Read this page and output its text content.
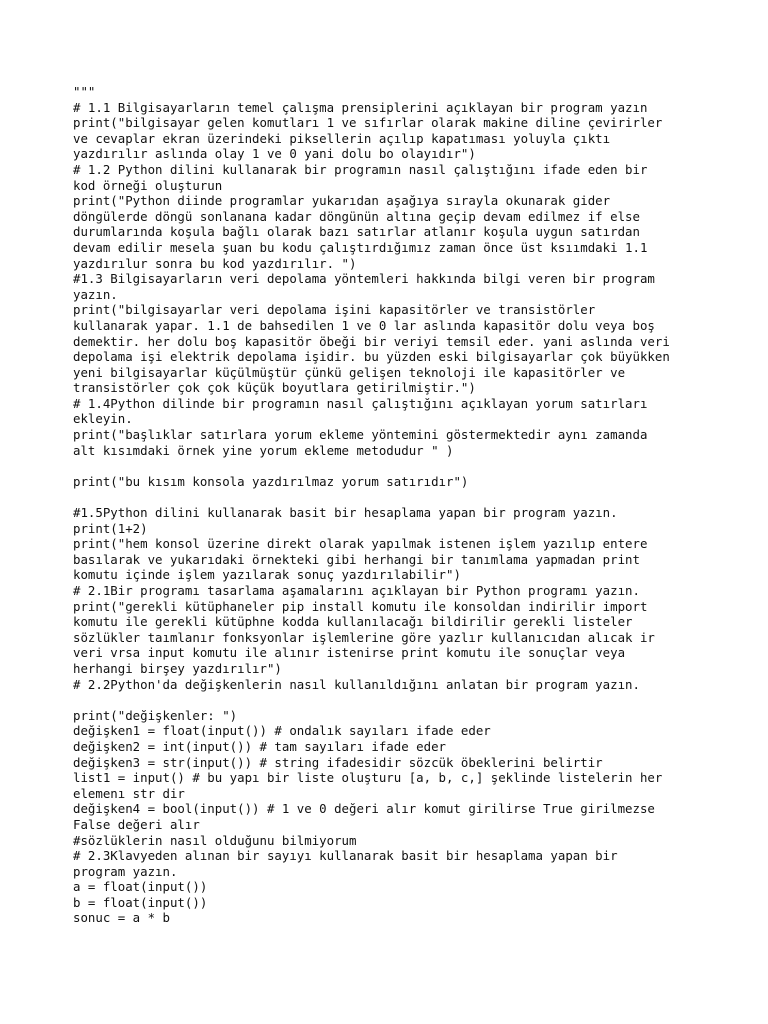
"""
# 1.1 Bilgisayarların temel çalışma prensiplerini açıklayan bir program yazın
print("bilgisayar gelen komutları 1 ve sıfırlar olarak makine diline çevirirler
ve cevaplar ekran üzerindeki piksellerin açılıp kapatıması yoluyla çıktı
yazdırılır aslında olay 1 ve 0 yani dolu bo olayıdır")
# 1.2 Python dilini kullanarak bir programın nasıl çalıştığını ifade eden bir
kod örneği oluşturun
print("Python diinde programlar yukarıdan aşağıya sırayla okunarak gider
döngülerde döngü sonlanana kadar döngünün altına geçip devam edilmez if else
durumlarında koşula bağlı olarak bazı satırlar atlanır koşula uygun satırdan
devam edilir mesela şuan bu kodu çalıştırdığımız zaman önce üst ksıımdaki 1.1
yazdırılur sonra bu kod yazdırılır. ")
#1.3 Bilgisayarların veri depolama yöntemleri hakkında bilgi veren bir program
yazın.
print("bilgisayarlar veri depolama işini kapasitörler ve transistörler
kullanarak yapar. 1.1 de bahsedilen 1 ve 0 lar aslında kapasitör dolu veya boş
demektir. her dolu boş kapasitör öbeği bir veriyi temsil eder. yani aslında veri
depolama işi elektrik depolama işidir. bu yüzden eski bilgisayarlar çok büyükken
yeni bilgisayarlar küçülmüştür çünkü gelişen teknoloji ile kapasitörler ve
transistörler çok çok küçük boyutlara getirilmiştir.")
# 1.4Python dilinde bir programın nasıl çalıştığını açıklayan yorum satırları
ekleyin.
print("başlıklar satırlara yorum ekleme yöntemini göstermektedir aynı zamanda
alt kısımdaki örnek yine yorum ekleme metodudur " )
print("bu kısım konsola yazdırılmaz yorum satırıdır")
#1.5Python dilini kullanarak basit bir hesaplama yapan bir program yazın.
print(1+2)
print("hem konsol üzerine direkt olarak yapılmak istenen işlem yazılıp entere
basılarak ve yukarıdaki örnekteki gibi herhangi bir tanımlama yapmadan print
komutu içinde işlem yazılarak sonuç yazdırılabilir")
# 2.1Bir programı tasarlama aşamalarını açıklayan bir Python programı yazın.
print("gerekli kütüphaneler pip install komutu ile konsoldan indirilir import
komutu ile gerekli kütüphne kodda kullanılacağı bildirilir gerekli listeler
sözlükler taımlanır fonksyonlar işlemlerine göre yazlır kullanıcıdan alıcak ir
veri vrsa input komutu ile alınır istenirse print komutu ile sonuçlar veya
herhangi birşey yazdırılır")
# 2.2Python'da değişkenlerin nasıl kullanıldığını anlatan bir program yazın.
print("değişkenler: ")
değişken1 = float(input()) # ondalık sayıları ifade eder
değişken2 = int(input()) # tam sayıları ifade eder
değişken3 = str(input()) # string ifadesidir sözcük öbeklerini belirtir
list1 = input() # bu yapı bir liste oluşturu [a, b, c,] şeklinde listelerin her
elemenı str dir
değişken4 = bool(input()) # 1 ve 0 değeri alır komut girilirse True girilmezse
False değeri alır
#sözlüklerin nasıl olduğunu bilmiyorum
# 2.3Klavyeden alınan bir sayıyı kullanarak basit bir hesaplama yapan bir
program yazın.
a = float(input())
b = float(input())
sonuc = a * b
